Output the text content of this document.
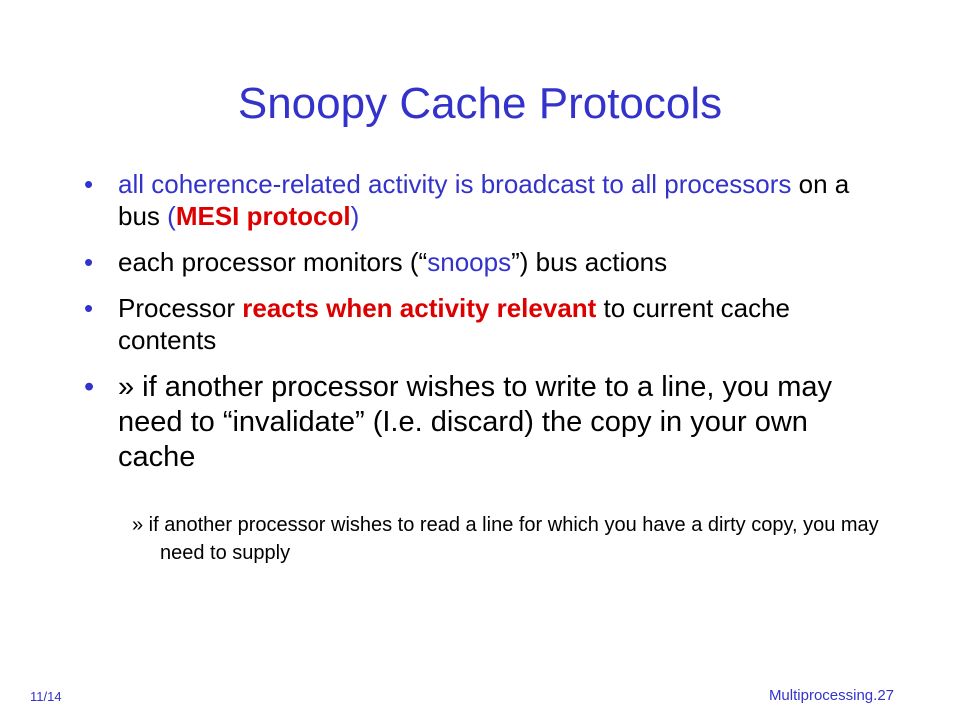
Snoopy Cache Protocols
• all coherence-related activity is broadcast to all processors on a bus (MESI protocol)
• each processor monitors (“snoops”) bus actions
• Processor reacts when activity relevant to current cache contents
• » if another processor wishes to write to a line, you may need to “invalidate” (I.e. discard) the copy in your own cache
» if another processor wishes to read a line for which you have a dirty copy, you may need to supply
11/14	Multiprocessing.27
